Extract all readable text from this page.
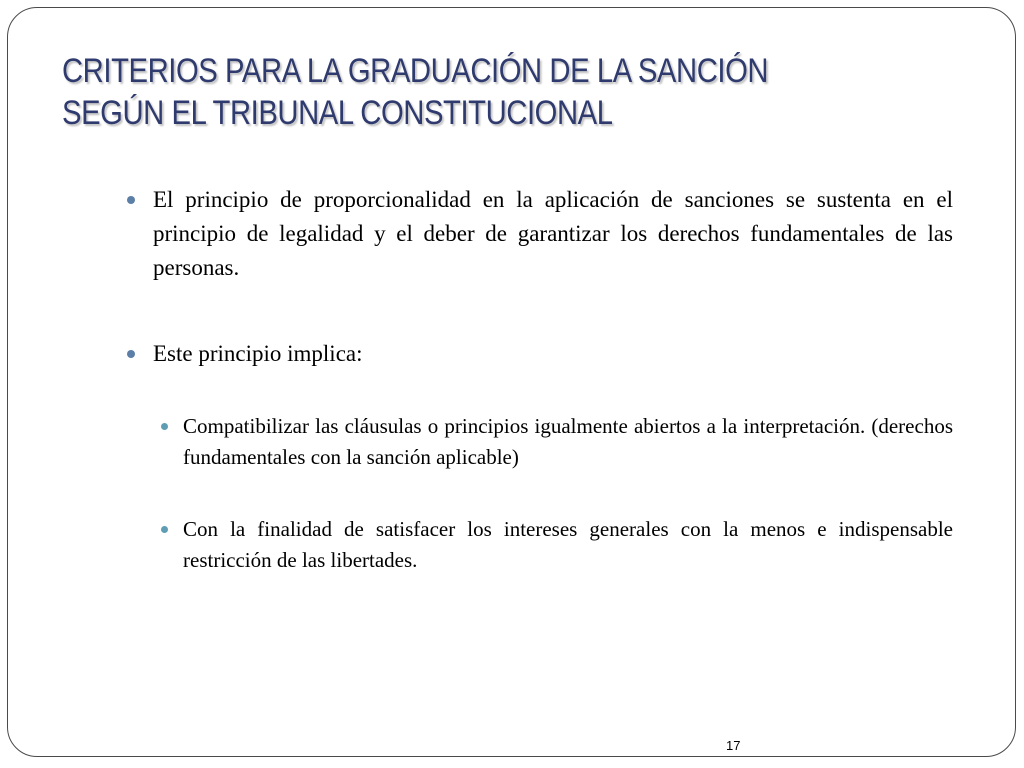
CRITERIOS PARA LA GRADUACIÓN DE LA SANCIÓN
SEGÚN EL TRIBUNAL CONSTITUCIONAL
El principio de proporcionalidad en la aplicación de sanciones se sustenta en el principio de legalidad y el deber de garantizar los derechos fundamentales de las personas.
Este principio implica:
Compatibilizar las cláusulas o principios igualmente abiertos a la interpretación. (derechos fundamentales con la sanción aplicable)
Con la finalidad de satisfacer los intereses generales con la menos e indispensable restricción de las libertades.
17
